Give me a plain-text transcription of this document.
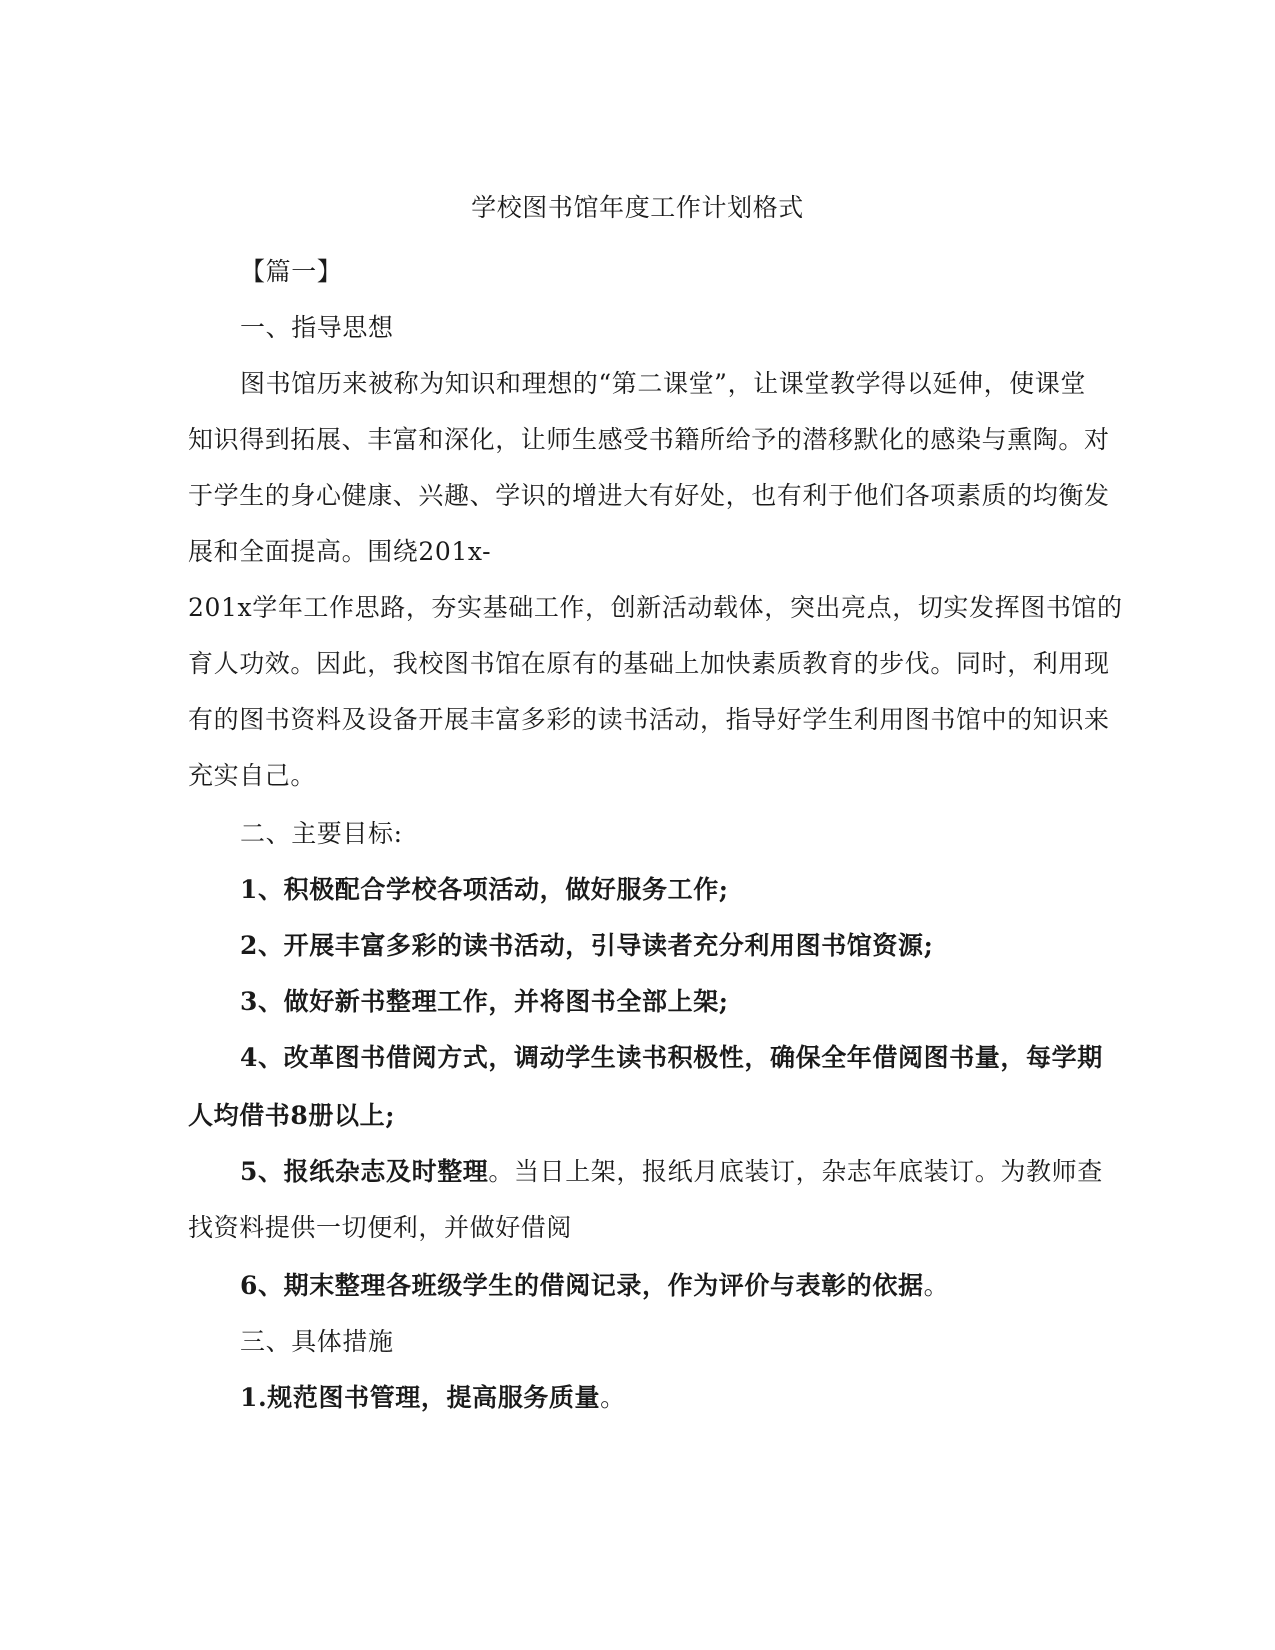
学校图书馆年度工作计划格式
【篇一】
一、指导思想
图书馆历来被称为知识和理想的“第二课堂”，让课堂教学得以延伸，使课堂
知识得到拓展、丰富和深化，让师生感受书籍所给予的潜移默化的感染与熏陶。对
于学生的身心健康、兴趣、学识的增进大有好处，也有利于他们各项素质的均衡发
展和全面提高。围绕201x-
201x学年工作思路，夯实基础工作，创新活动载体，突出亮点，切实发挥图书馆的
育人功效。因此，我校图书馆在原有的基础上加快素质教育的步伐。同时，利用现
有的图书资料及设备开展丰富多彩的读书活动，指导好学生利用图书馆中的知识来
充实自己。
二、主要目标:
1、积极配合学校各项活动，做好服务工作;
2、开展丰富多彩的读书活动，引导读者充分利用图书馆资源;
3、做好新书整理工作，并将图书全部上架;
4、改革图书借阅方式，调动学生读书积极性，确保全年借阅图书量，每学期
人均借书8册以上;
5、报纸杂志及时整理。当日上架，报纸月底装订，杂志年底装订。为教师查
找资料提供一切便利，并做好借阅
6、期末整理各班级学生的借阅记录，作为评价与表彰的依据。
三、具体措施
1.规范图书管理，提高服务质量。
